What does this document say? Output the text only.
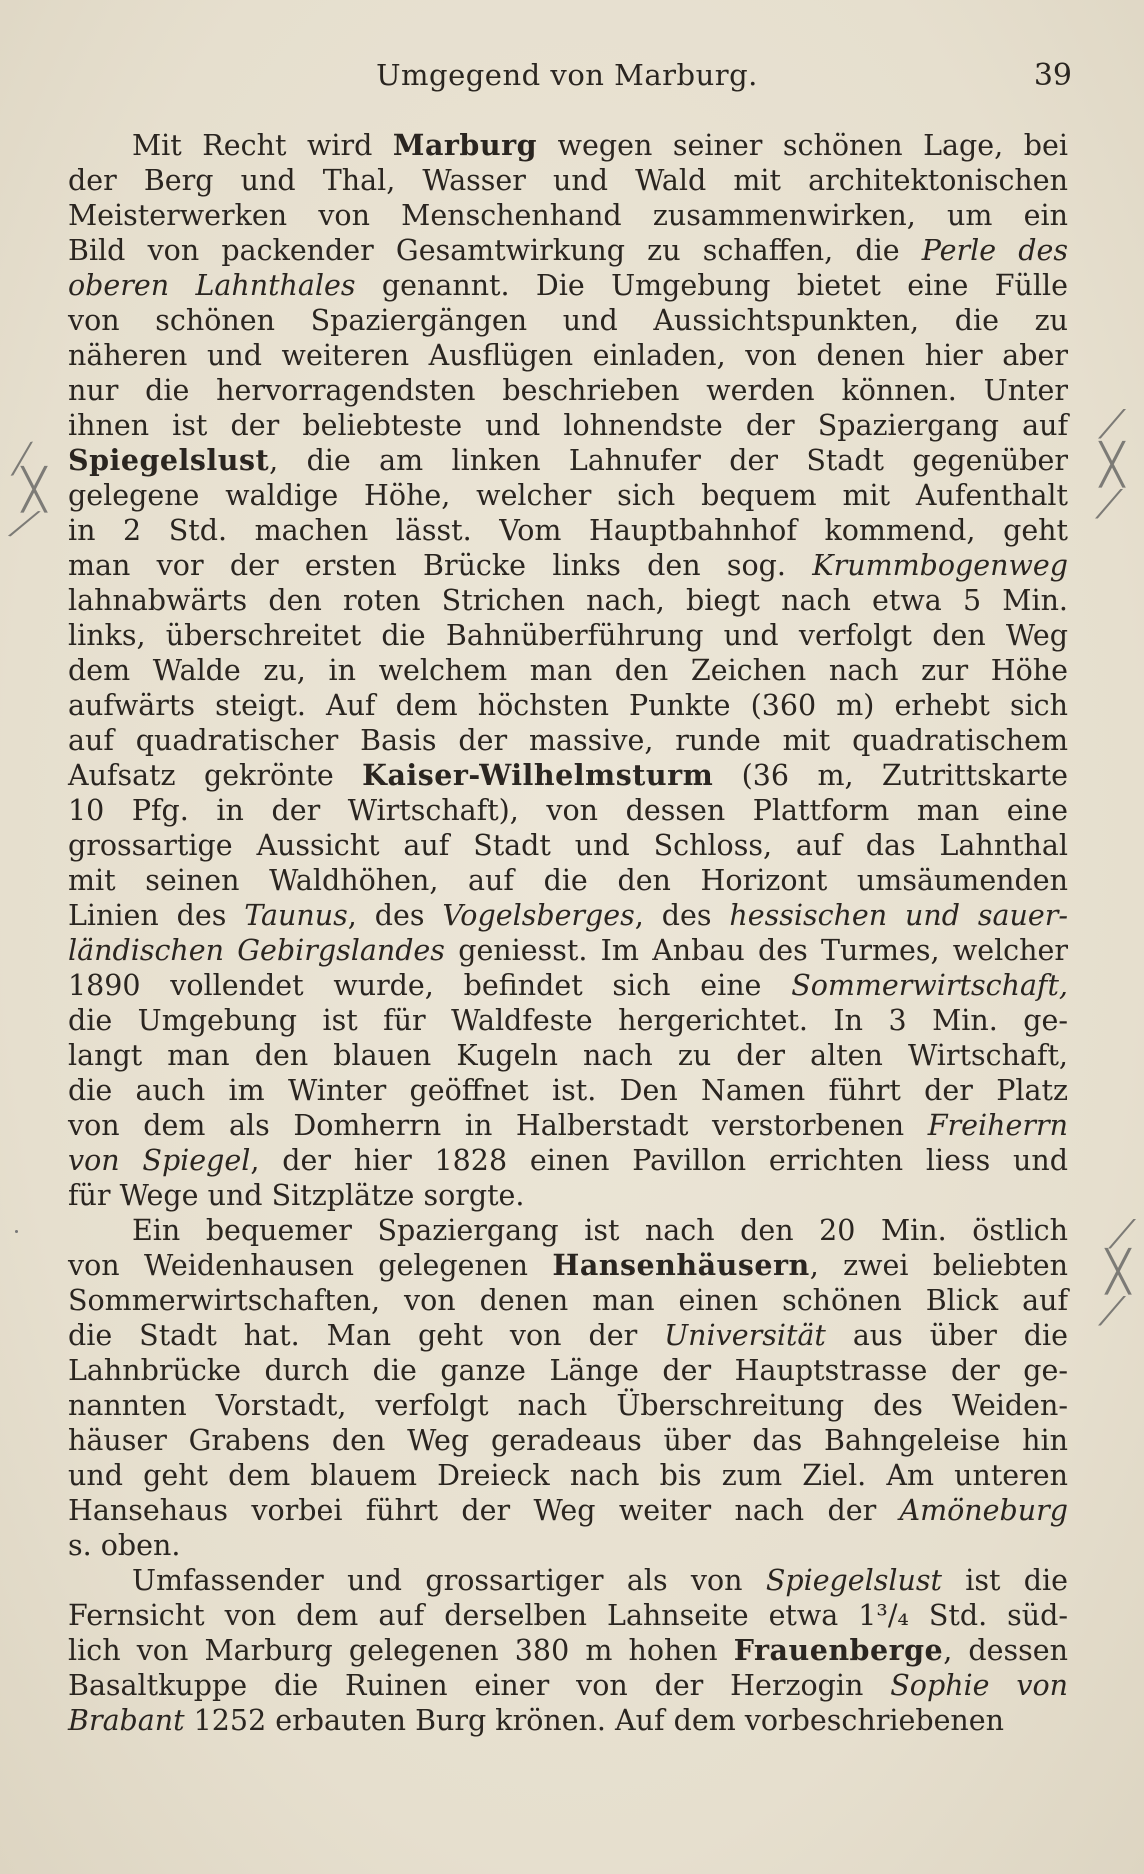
Umgegend von Marburg.	39
Mit Recht wird Marburg wegen seiner schönen Lage, bei
der Berg und Thal, Wasser und Wald mit architektonischen
Meisterwerken von Menschenhand zusammenwirken, um ein
Bild von packender Gesamtwirkung zu schaffen, die Perle des
oberen Lahnthales genannt. Die Umgebung bietet eine Fülle
von schönen Spaziergängen und Aussichtspunkten, die zu
näheren und weiteren Ausflügen einladen, von denen hier aber
nur die hervorragendsten beschrieben werden können. Unter
ihnen ist der beliebteste und lohnendste der Spaziergang auf
Spiegelslust, die am linken Lahnufer der Stadt gegenüber
gelegene waldige Höhe, welcher sich bequem mit Aufenthalt
in 2 Std. machen lässt. Vom Hauptbahnhof kommend, geht
man vor der ersten Brücke links den sog. Krummbogenweg
lahnabwärts den roten Strichen nach, biegt nach etwa 5 Min.
links, überschreitet die Bahnüberführung und verfolgt den Weg
dem Walde zu, in welchem man den Zeichen nach zur Höhe
aufwärts steigt. Auf dem höchsten Punkte (360 m) erhebt sich
auf quadratischer Basis der massive, runde mit quadratischem
Aufsatz gekrönte Kaiser-Wilhelmsturm (36 m, Zutrittskarte
10 Pfg. in der Wirtschaft), von dessen Plattform man eine
grossartige Aussicht auf Stadt und Schloss, auf das Lahnthal
mit seinen Waldhöhen, auf die den Horizont umsäumenden
Linien des Taunus, des Vogelsberges, des hessischen und sauer-
ländischen Gebirgslandes geniesst. Im Anbau des Turmes, welcher
1890 vollendet wurde, befindet sich eine Sommerwirtschaft,
die Umgebung ist für Waldfeste hergerichtet. In 3 Min. ge-
langt man den blauen Kugeln nach zu der alten Wirtschaft,
die auch im Winter geöffnet ist. Den Namen führt der Platz
von dem als Domherrn in Halberstadt verstorbenen Freiherrn
von Spiegel, der hier 1828 einen Pavillon errichten liess und
für Wege und Sitzplätze sorgte.
Ein bequemer Spaziergang ist nach den 20 Min. östlich
von Weidenhausen gelegenen Hansenhäusern, zwei beliebten
Sommerwirtschaften, von denen man einen schönen Blick auf
die Stadt hat. Man geht von der Universität aus über die
Lahnbrücke durch die ganze Länge der Hauptstrasse der ge-
nannten Vorstadt, verfolgt nach Überschreitung des Weiden-
häuser Grabens den Weg geradeaus über das Bahngeleise hin
und geht dem blauem Dreieck nach bis zum Ziel. Am unteren
Hansehaus vorbei führt der Weg weiter nach der Amöneburg
s. oben.
Umfassender und grossartiger als von Spiegelslust ist die
Fernsicht von dem auf derselben Lahnseite etwa 1³/₄ Std. süd-
lich von Marburg gelegenen 380 m hohen Frauenberge, dessen
Basaltkuppe die Ruinen einer von der Herzogin Sophie von
Brabant 1252 erbauten Burg krönen. Auf dem vorbeschriebenen
⟋
╳
⟋
⟋
╳
⟋
⟋
╳
⟋
